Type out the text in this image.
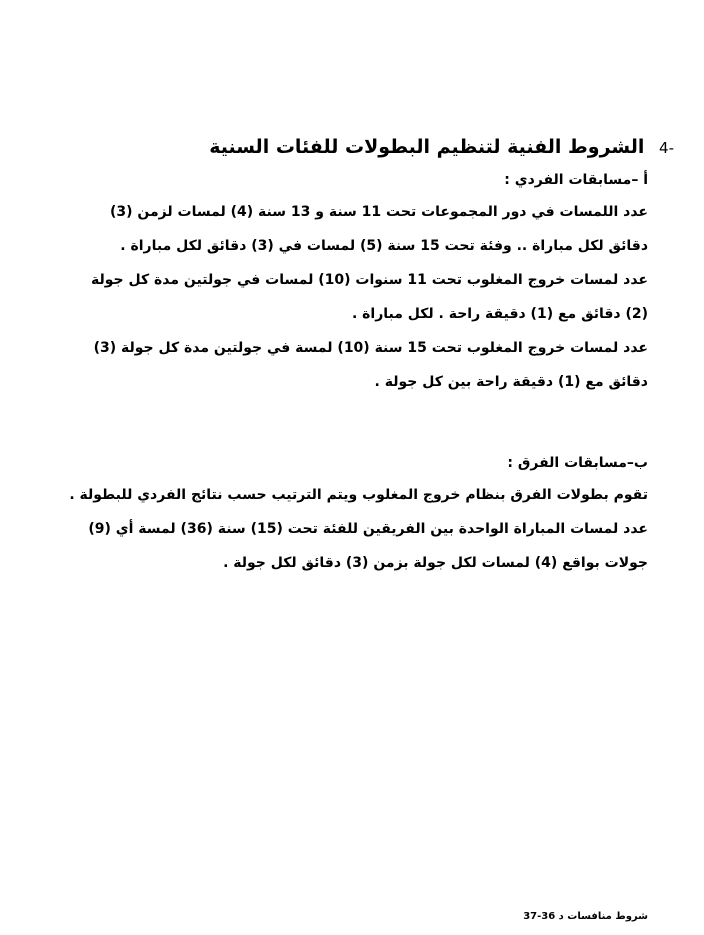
-4 الشروط الفنية لتنظيم البطولات للفئات السنية
أ –مسابقات الفردي :
عدد اللمسات في دور المجموعات تحت 11 سنة و 13 سنة (4) لمسات لزمن (3)
دقائق لكل مباراة .. وفئة تحت 15 سنة (5) لمسات في (3) دقائق لكل مباراة .
عدد لمسات خروج المغلوب تحت 11 سنوات (10) لمسات في جولتين مدة كل جولة
(2) دقائق مع (1) دقيقة راحة . لكل مباراة .
عدد لمسات خروج المغلوب تحت 15 سنة (10) لمسة في جولتين مدة كل جولة (3)
دقائق مع (1) دقيقة راحة بين كل جولة .
ب–مسابقات الفرق :
تقوم بطولات الفرق بنظام خروج المغلوب ويتم الترتيب حسب نتائج الفردي للبطولة .
عدد لمسات المباراة الواحدة بين الفريقين للفئة تحت (15) سنة (36) لمسة أي (9)
جولات بواقع (4) لمسات لكل جولة بزمن (3) دقائق لكل جولة .
شروط منافسات د 36-37
